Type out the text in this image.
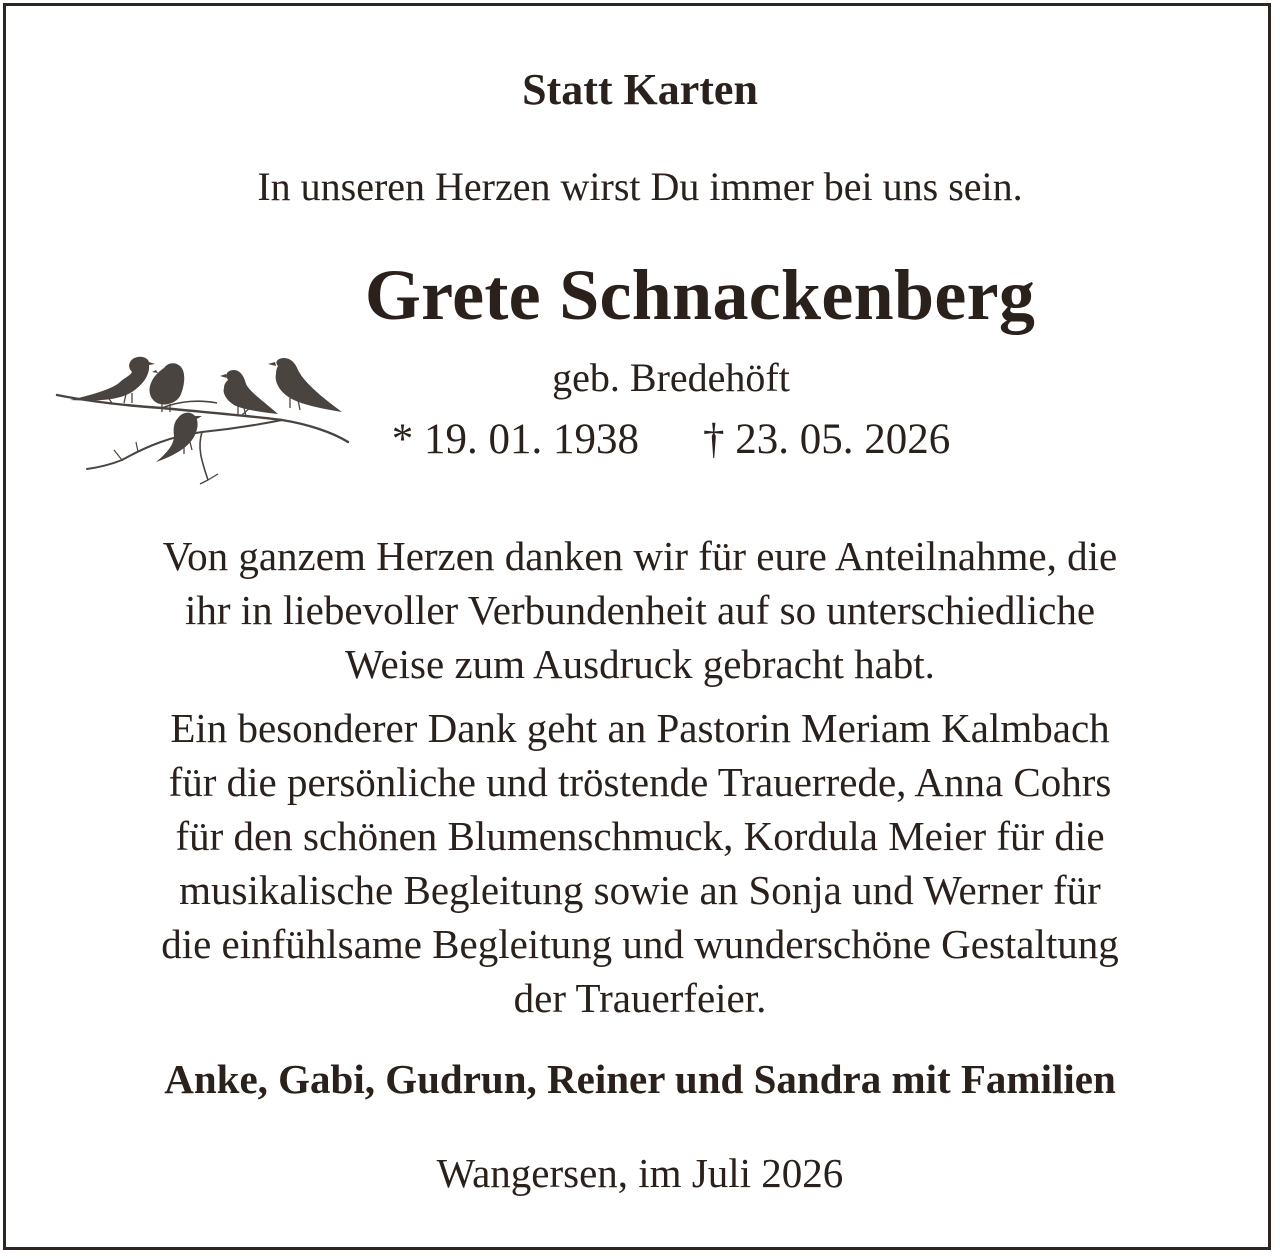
Statt Karten
In unseren Herzen wirst Du immer bei uns sein.
Grete Schnackenberg
geb. Bredehöft
* 19. 01. 1938 † 23. 05. 2026
Von ganzem Herzen danken wir für eure Anteilnahme, die
ihr in liebevoller Verbundenheit auf so unterschiedliche
Weise zum Ausdruck gebracht habt.
Ein besonderer Dank geht an Pastorin Meriam Kalmbach
für die persönliche und tröstende Trauerrede, Anna Cohrs
für den schönen Blumenschmuck, Kordula Meier für die
musikalische Begleitung sowie an Sonja und Werner für
die einfühlsame Begleitung und wunderschöne Gestaltung
der Trauerfeier.
Anke, Gabi, Gudrun, Reiner und Sandra mit Familien
Wangersen, im Juli 2026
